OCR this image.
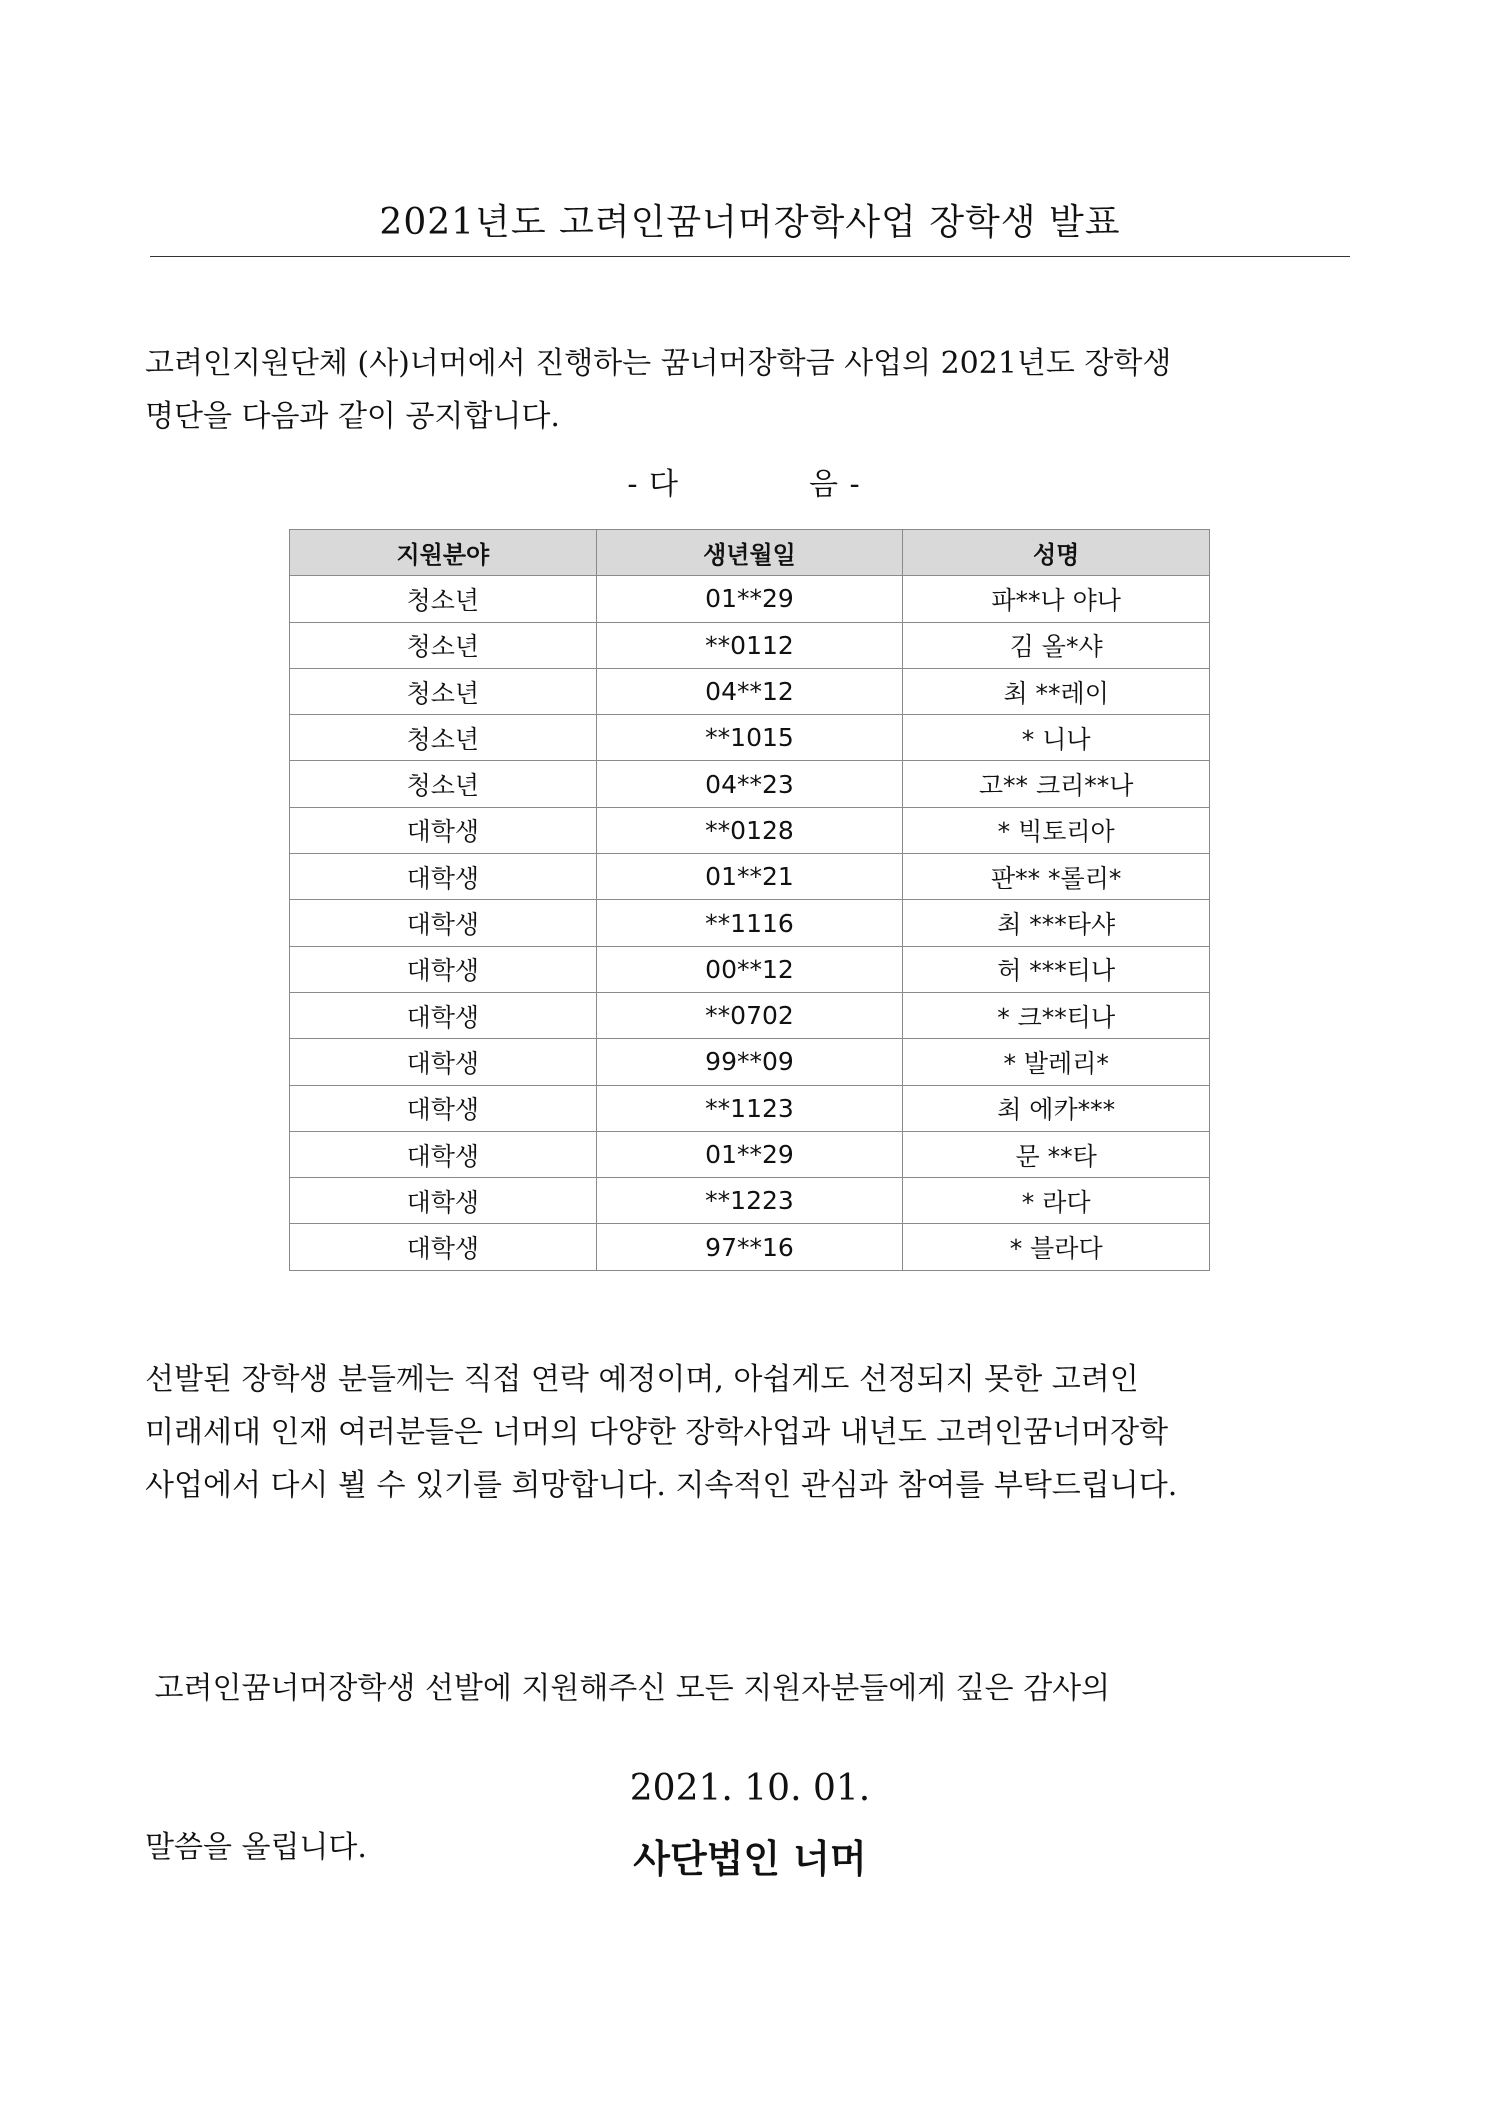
2021년도 고려인꿈너머장학사업 장학생 발표

고려인지원단체 (사)너머에서 진행하는 꿈너머장학금 사업의 2021년도 장학생
명단을 다음과 같이 공지합니다.

- 다	음 -
지원분야	생년월일	성명
청소년	01**29	파**나 야나
청소년	**0112	김 올*샤
청소년	04**12	최 **레이
청소년	**1015	* 니나
청소년	04**23	고** 크리**나
대학생	**0128	* 빅토리아
대학생	01**21	판** *롤리*
대학생	**1116	최 ***타샤
대학생	00**12	허 ***티나
대학생	**0702	* 크**티나
대학생	99**09	* 발레리*
대학생	**1123	최 에카***
대학생	01**29	문 **타
대학생	**1223	* 라다
대학생	97**16	* 블라다

선발된 장학생 분들께는 직접 연락 예정이며, 아쉽게도 선정되지 못한 고려인
미래세대 인재 여러분들은 너머의 다양한 장학사업과 내년도 고려인꿈너머장학
사업에서 다시 뵐 수 있기를 희망합니다. 지속적인 관심과 참여를 부탁드립니다.

고려인꿈너머장학생 선발에 지원해주신 모든 지원자분들에게 깊은 감사의

말씀을 올립니다.

2021. 10. 01.
사단법인 너머
